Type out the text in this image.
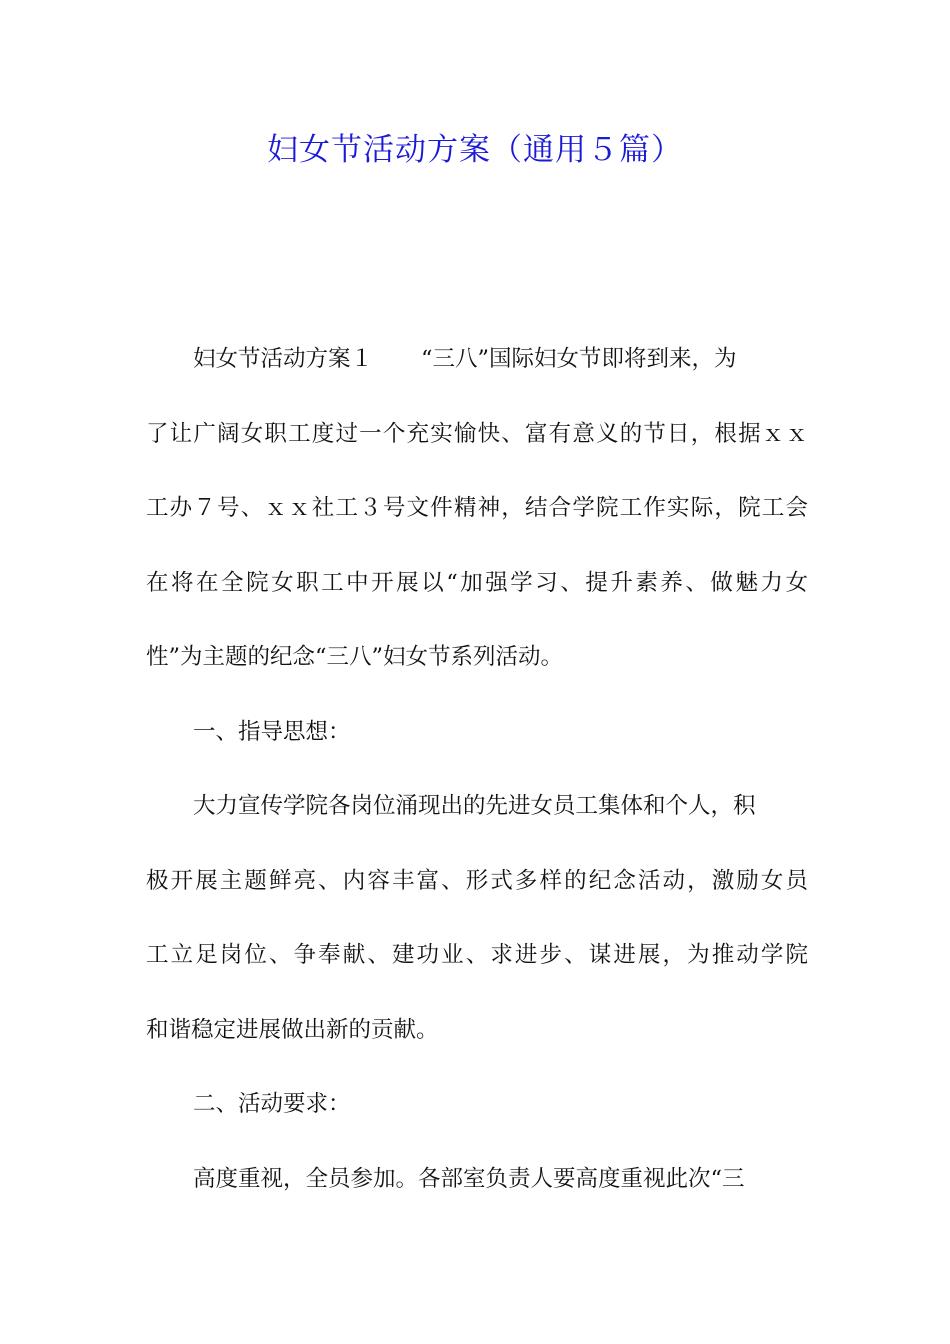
妇女节活动方案（通用５篇）
妇女节活动方案１ “三八”国际妇女节即将到来，为
了让广阔女职工度过一个充实愉快、富有意义的节日，根据ｘｘ
工办７号、ｘｘ社工３号文件精神，结合学院工作实际，院工会
在将在全院女职工中开展以“加强学习、提升素养、做魅力女
性”为主题的纪念“三八”妇女节系列活动。
一、指导思想：
大力宣传学院各岗位涌现出的先进女员工集体和个人，积
极开展主题鲜亮、内容丰富、形式多样的纪念活动，激励女员
工立足岗位、争奉献、建功业、求进步、谋进展，为推动学院
和谐稳定进展做出新的贡献。
二、活动要求：
高度重视，全员参加。各部室负责人要高度重视此次“三
